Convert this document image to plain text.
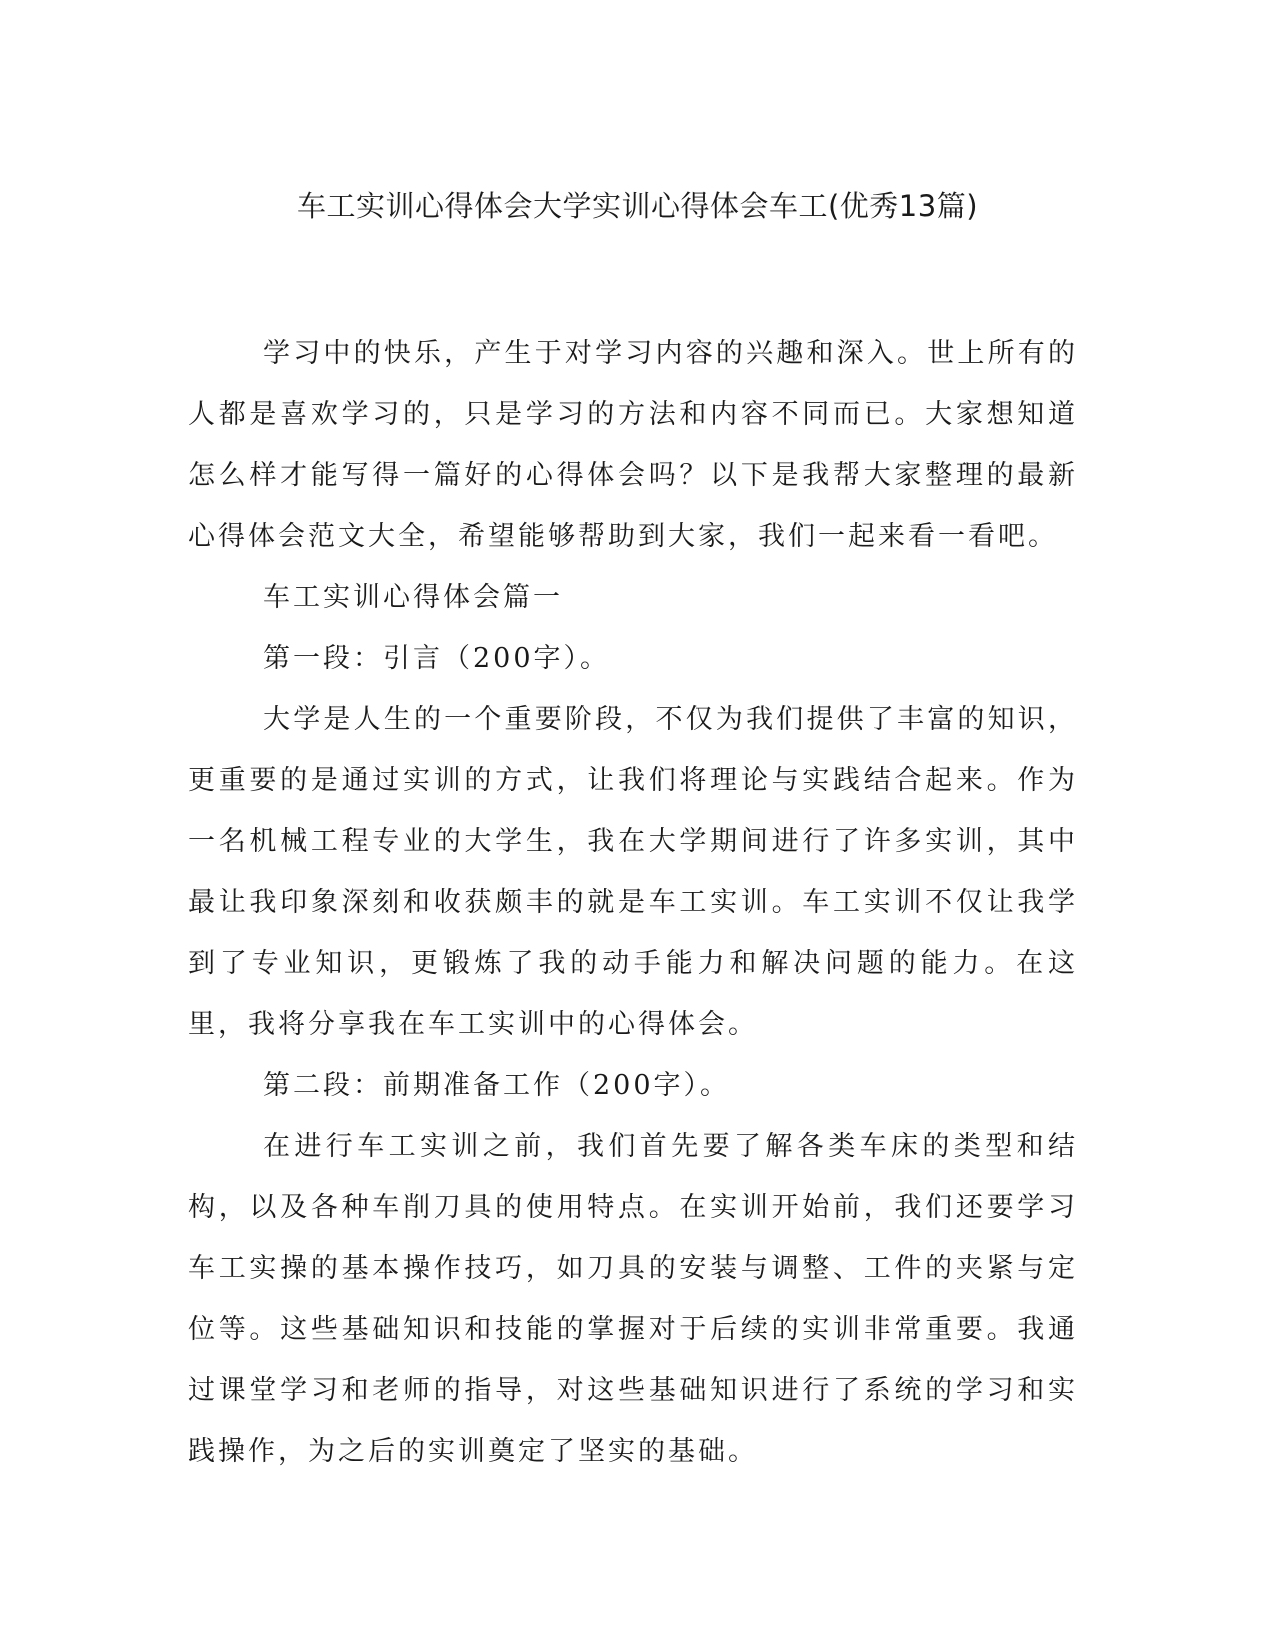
车工实训心得体会大学实训心得体会车工(优秀13篇)

学习中的快乐，产生于对学习内容的兴趣和深入。世上所有的人都是喜欢学习的，只是学习的方法和内容不同而已。大家想知道怎么样才能写得一篇好的心得体会吗？以下是我帮大家整理的最新心得体会范文大全，希望能够帮助到大家，我们一起来看一看吧。

车工实训心得体会篇一

第一段：引言（200字）。

大学是人生的一个重要阶段，不仅为我们提供了丰富的知识，更重要的是通过实训的方式，让我们将理论与实践结合起来。作为一名机械工程专业的大学生，我在大学期间进行了许多实训，其中最让我印象深刻和收获颇丰的就是车工实训。车工实训不仅让我学到了专业知识，更锻炼了我的动手能力和解决问题的能力。在这里，我将分享我在车工实训中的心得体会。

第二段：前期准备工作（200字）。

在进行车工实训之前，我们首先要了解各类车床的类型和结构，以及各种车削刀具的使用特点。在实训开始前，我们还要学习车工实操的基本操作技巧，如刀具的安装与调整、工件的夹紧与定位等。这些基础知识和技能的掌握对于后续的实训非常重要。我通过课堂学习和老师的指导，对这些基础知识进行了系统的学习和实践操作，为之后的实训奠定了坚实的基础。
